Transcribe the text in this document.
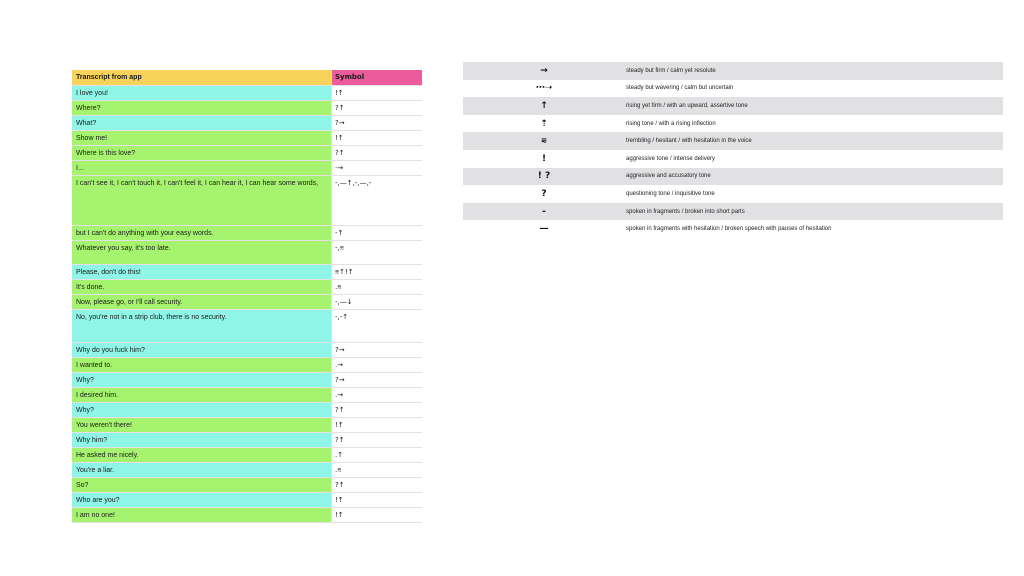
Transcript from app	Symbol
I love you!	!↑
Where?	?↑
What?	?→
Show me!	!↑
Where is this love?	?↑
I...	·→
I can't see it, I can't touch it, I can't feel it, I can hear it, I can hear some words,	-,—↑,-,—,-
but I can't do anything with your easy words.	-↑
Whatever you say, it's too late.	-,⩳
Please, don't do this!	⩳↑!↑
It's done.	.⩳
Now, please go, or I'll call security.	-,—↓
No, you're not in a strip club, there is no security.	-,-↑
Why do you fuck him?	?→
I wanted to.	.→
Why?	?→
I desired him.	.→
Why?	?↑
You weren't there!	!↑
Why him?	?↑
He asked me nicely.	.↑
You're a liar.	.⩳
So?	?↑
Who are you?	!↑
I am no one!	!↑
→	steady but firm / calm yet resolute
⋯➝	steady but wavering / calm but uncertain
↑	rising yet firm / with an upward, assertive tone
⇡	rising tone / with a rising inflection
⩳	trembling / hesitant / with hesitation in the voice
!	aggressive tone / intense delivery
! ?	aggressive and accusatory tone
?	questioning tone / inquisitive tone
-	spoken in fragments / broken into short parts
—	spoken in fragments with hesitation / broken speech with pauses of hesitation
